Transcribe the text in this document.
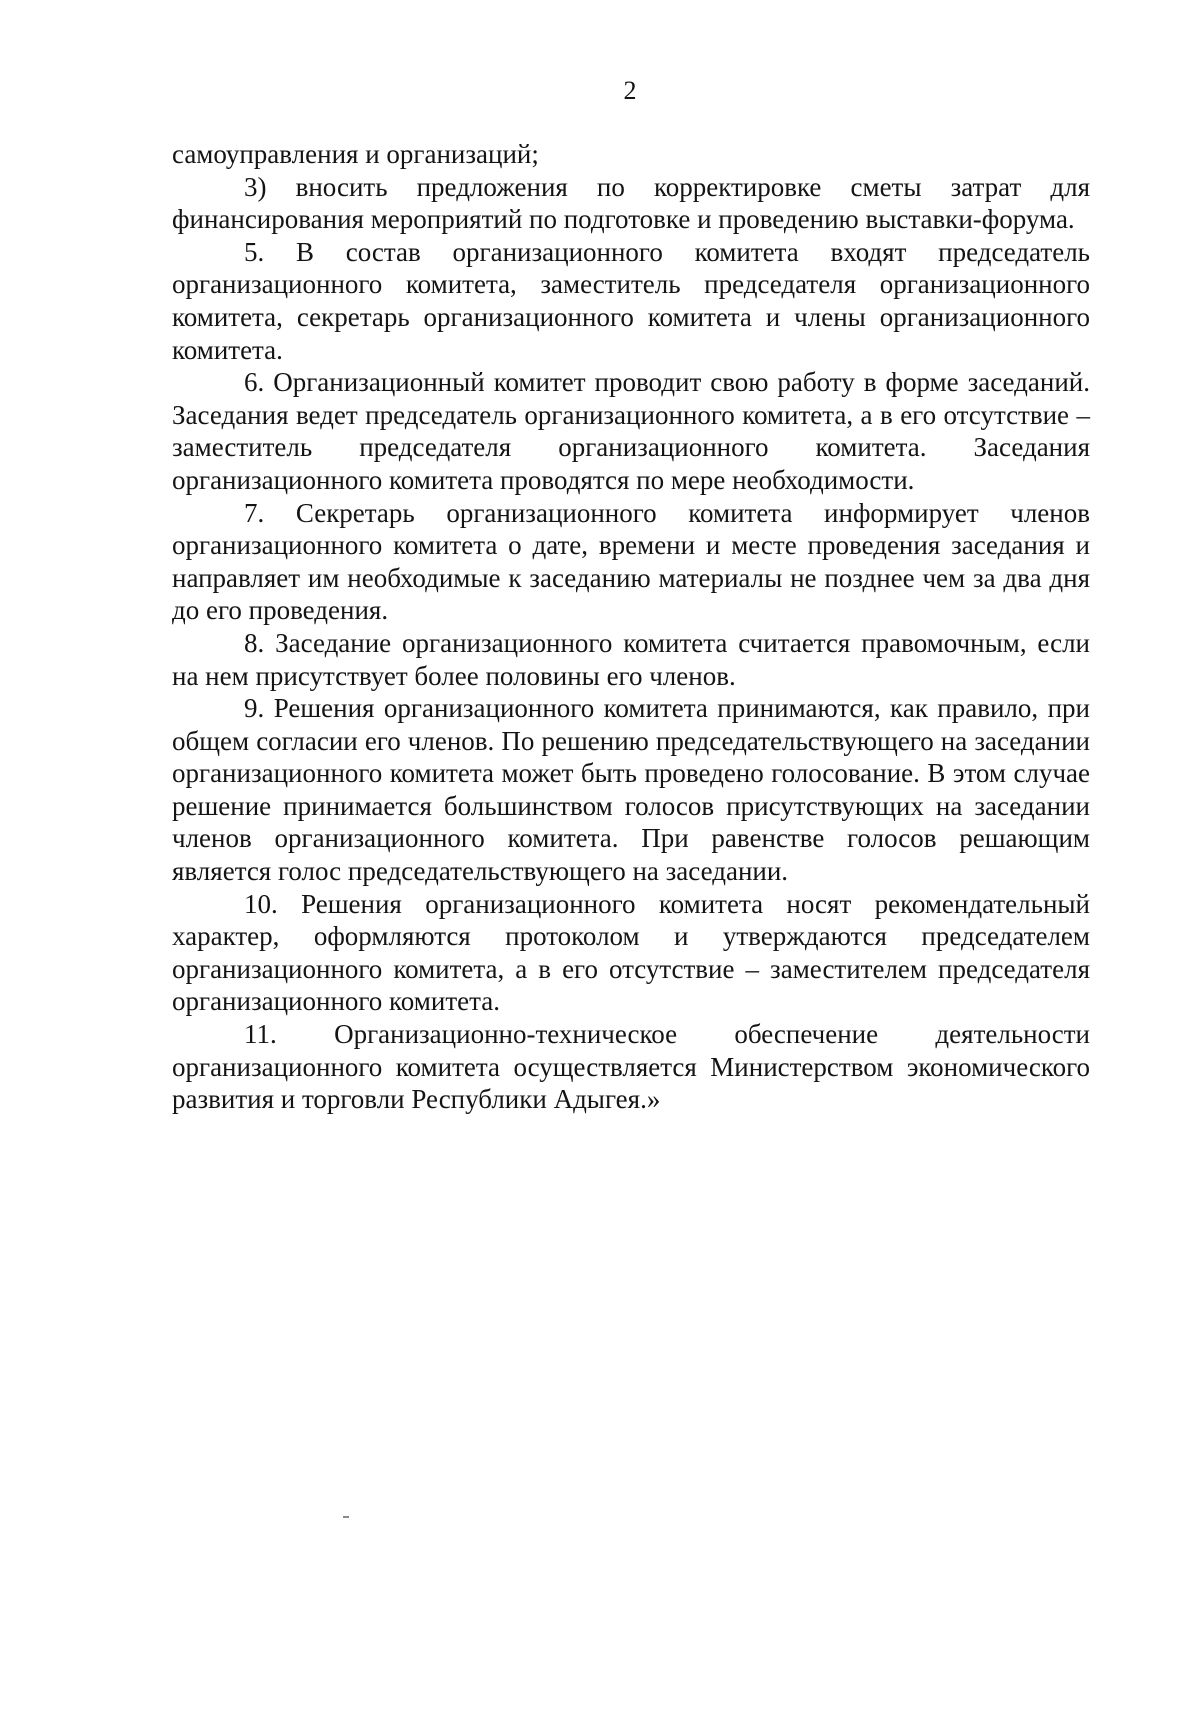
2

самоуправления и организаций;

3) вносить предложения по корректировке сметы затрат для финансирования мероприятий по подготовке и проведению выставки-форума.

5. В состав организационного комитета входят председатель организационного комитета, заместитель председателя организационного комитета, секретарь организационного комитета и члены организационного комитета.

6. Организационный комитет проводит свою работу в форме заседаний. Заседания ведет председатель организационного комитета, а в его отсутствие – заместитель председателя организационного комитета. Заседания организационного комитета проводятся по мере необходимости.

7. Секретарь организационного комитета информирует членов организационного комитета о дате, времени и месте проведения заседания и направляет им необходимые к заседанию материалы не позднее чем за два дня до его проведения.

8. Заседание организационного комитета считается правомочным, если на нем присутствует более половины его членов.

9. Решения организационного комитета принимаются, как правило, при общем согласии его членов. По решению председательствующего на заседании организационного комитета может быть проведено голосование. В этом случае решение принимается большинством голосов присутствующих на заседании членов организационного комитета. При равенстве голосов решающим является голос председательствующего на заседании.

10. Решения организационного комитета носят рекомендательный характер, оформляются протоколом и утверждаются председателем организационного комитета, а в его отсутствие – заместителем председателя организационного комитета.

11. Организационно-техническое обеспечение деятельности организационного комитета осуществляется Министерством экономического развития и торговли Республики Адыгея.»
